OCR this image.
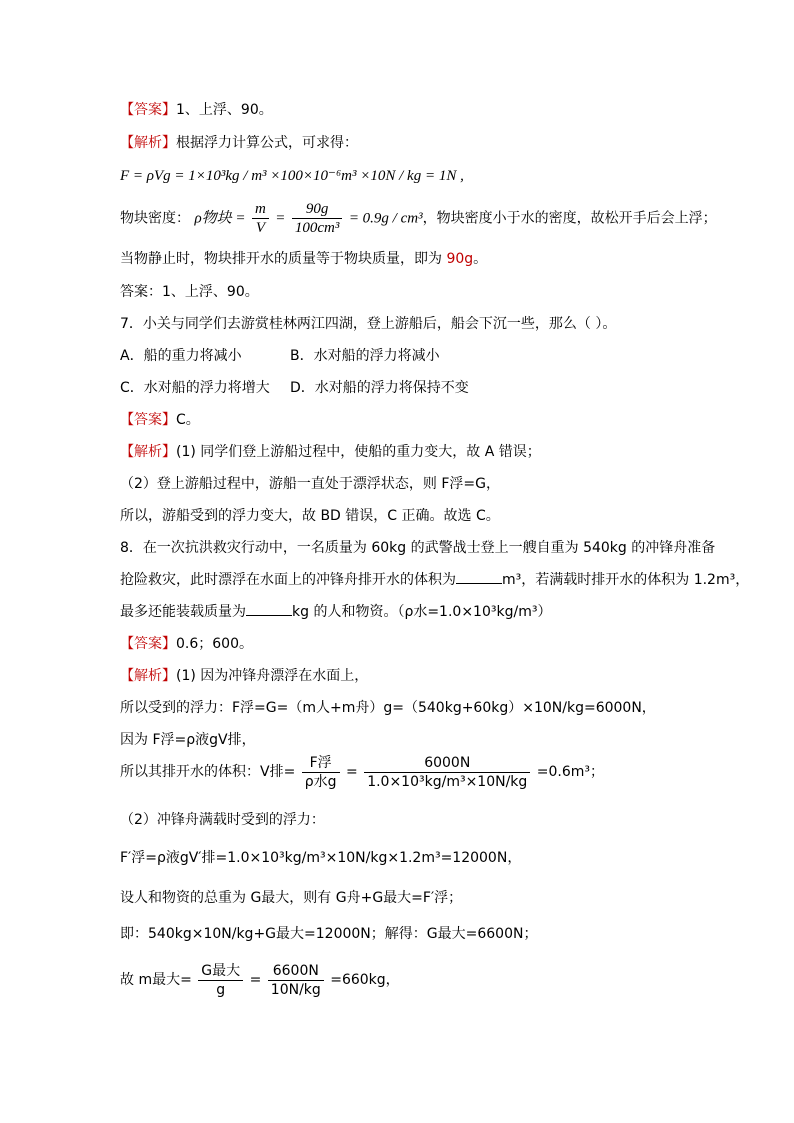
【答案】1、上浮、90。
【解析】根据浮力计算公式，可求得：
F = ρVg = 1×10³kg / m³ ×100×10⁻⁶m³ ×10N / kg = 1N ,
物块密度： ρ物块 = $\frac{m}{V} = \frac{90g}{\text{100cm³}} = 0.9g / cm^3$，物块密度小于水的密度，故松开手后会上浮；
当物静止时，物块排开水的质量等于物块质量，即为 90g。
答案：1、上浮、90。
7．小关与同学们去游赏桂林两江四湖，登上游船后，船会下沉一些，那么（ ）。
A．船的重力将减小	B．水对船的浮力将减小
C．水对船的浮力将增大 D．水对船的浮力将保持不变
【答案】C。
【解析】(1) 同学们登上游船过程中，使船的重力变大，故 A 错误；
（2）登上游船过程中，游船一直处于漂浮状态，则 F浮=G，
所以，游船受到的浮力变大，故 BD 错误，C 正确。故选 C。
8．在一次抗洪救灾行动中，一名质量为 60kg 的武警战士登上一艘自重为 540kg 的冲锋舟准备
抢险救灾，此时漂浮在水面上的冲锋舟排开水的体积为	m³，若满载时排开水的体积为 1.2m³，
最多还能装载质量为	kg 的人和物资。（ρ水=1.0×10³kg/m³）
【答案】0.6；600。
【解析】(1) 因为冲锋舟漂浮在水面上，
所以受到的浮力：F浮=G=（m人+m舟）g=（540kg+60kg）×10N/kg=6000N，
因为 F浮=ρ液gV排，
所以其排开水的体积：V排= $\frac{\text{F浮}}{\text{ρ水g}} = \frac{6000N}{\text{1.0×10³kg/m³×10N/kg}} =0.6m^3$；
（2）冲锋舟满载时受到的浮力：
F′浮=ρ液gV′排=1.0×10³kg/m³×10N/kg×1.2m³=12000N，
设人和物资的总重为 G最大，则有 G舟+G最大=F′浮；
即：540kg×10N/kg+G最大=12000N；解得：G最大=6600N；
故 m最大= $\frac{\text{G最大}}{g} = \frac{6600N}{10N/kg} =660kg$，
